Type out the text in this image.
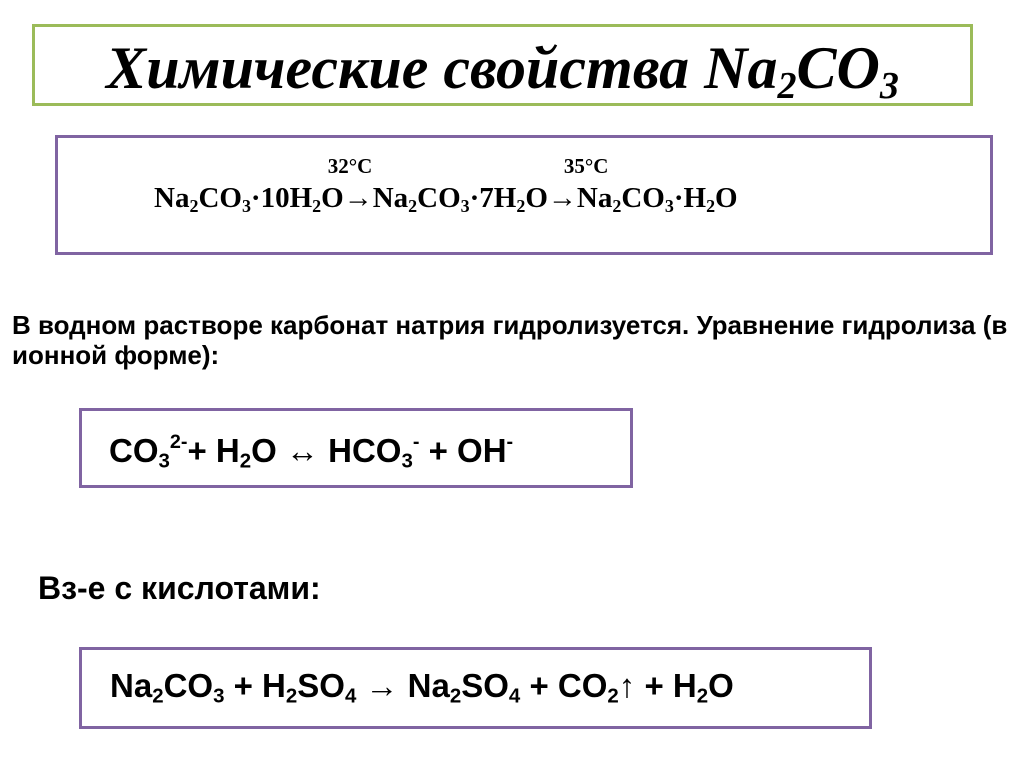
Химические свойства $Na_2CO_3$
$Na_2CO_3\cdot 10H_2O$
32°C
$\to Na_2CO_3\cdot 7H_2O$
35°C
$\to Na_2CO_3\cdot H_2O$
В водном растворе карбонат натрия гидролизуется. Уравнение гидролиза (в ионной форме):
$CO_3^{2-}+ H_2O$ ↔ $HCO_3^- + OH^-$
Вз-е с кислотами:
$Na_2CO_3 + H_2SO_4 \to Na_2SO_4$ + $CO_2↑ + H_2O$
